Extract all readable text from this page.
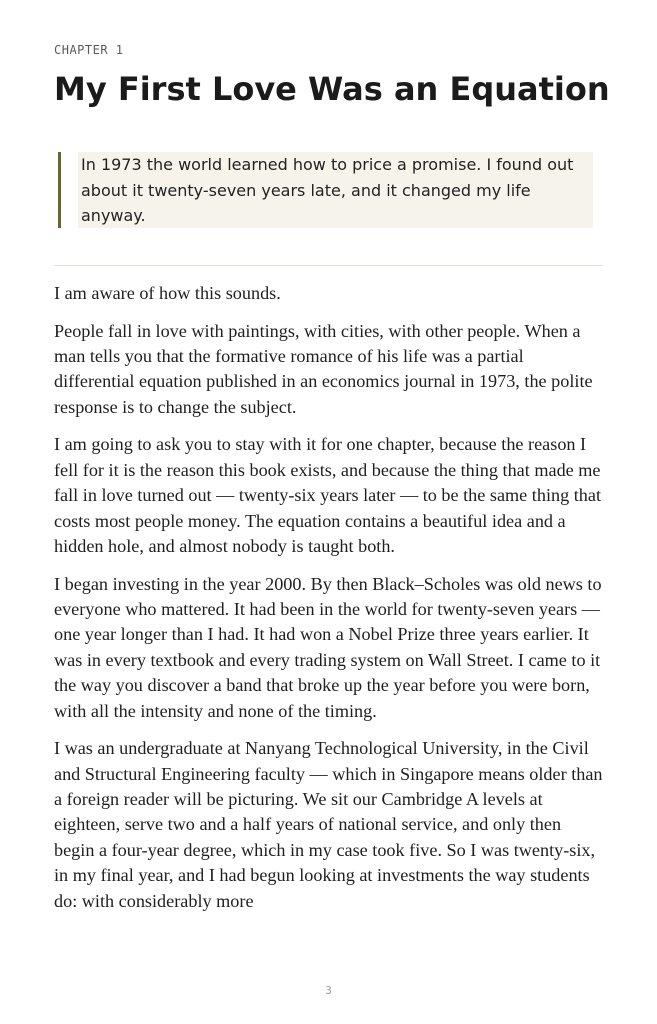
CHAPTER 1
My First Love Was an Equation

In 1973 the world learned how to price a promise. I found out about it twenty-seven years late, and it changed my life anyway.

I am aware of how this sounds.

People fall in love with paintings, with cities, with other people. When a man tells you that the formative romance of his life was a partial differential equation published in an economics journal in 1973, the polite response is to change the subject.

I am going to ask you to stay with it for one chapter, because the reason I fell for it is the reason this book exists, and because the thing that made me fall in love turned out — twenty-six years later — to be the same thing that costs most people money. The equation contains a beautiful idea and a hidden hole, and almost nobody is taught both.

I began investing in the year 2000. By then Black–Scholes was old news to everyone who mattered. It had been in the world for twenty-seven years — one year longer than I had. It had won a Nobel Prize three years earlier. It was in every textbook and every trading system on Wall Street. I came to it the way you discover a band that broke up the year before you were born, with all the intensity and none of the timing.

I was an undergraduate at Nanyang Technological University, in the Civil and Structural Engineering faculty — which in Singapore means older than a foreign reader will be picturing. We sit our Cambridge A levels at eighteen, serve two and a half years of national service, and only then begin a four-year degree, which in my case took five. So I was twenty-six, in my final year, and I had begun looking at investments the way students do: with considerably more

3
